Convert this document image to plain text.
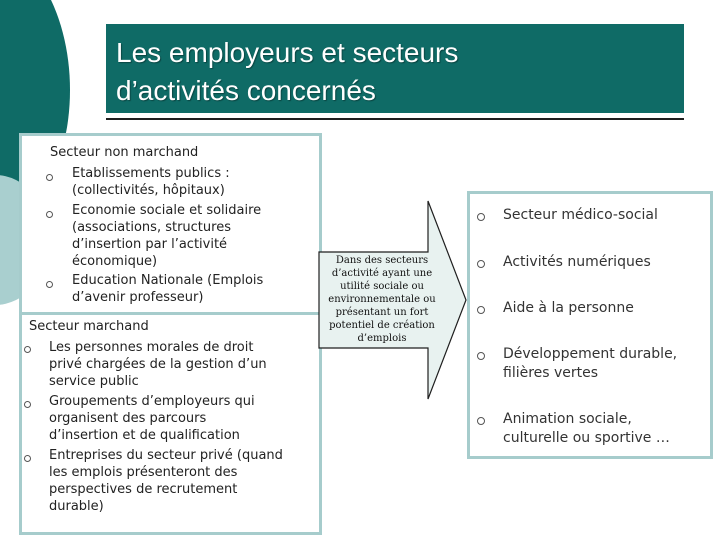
Les employeurs et secteurs
d’activités concernés
Secteur non marchand
Etablissements publics :
(collectivités, hôpitaux)
Economie sociale et solidaire
(associations, structures
d’insertion par l’activité
économique)
Education Nationale (Emplois
d’avenir professeur)
Secteur marchand
Les personnes morales de droit
privé chargées de la gestion d’un
service public
Groupements d’employeurs qui
organisent des parcours
d’insertion et de qualification
Entreprises du secteur privé (quand
les emplois présenteront des
perspectives de recrutement
durable)
Dans des secteurs
d’activité ayant une
utilité sociale ou
environnementale ou
présentant un fort
potentiel de création
d’emplois
Secteur médico-social
Activités numériques
Aide à la personne
Développement durable,
filières vertes
Animation sociale,
culturelle ou sportive …
